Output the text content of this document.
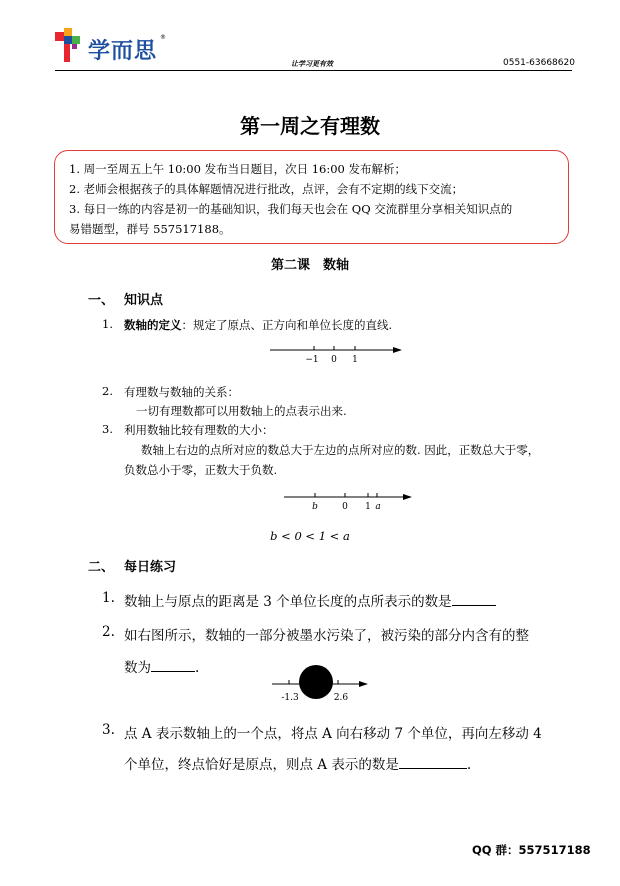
学而思
®
让学习更有效	0551-63668620
第一周之有理数
1. 周一至周五上午 10:00 发布当日题目，次日 16:00 发布解析；
2. 老师会根据孩子的具体解题情况进行批改，点评，会有不定期的线下交流；
3. 每日一练的内容是初一的基础知识，我们每天也会在 QQ 交流群里分享相关知识点的
易错题型，群号 557517188。
第二课　数轴
一、 知识点
1. 数轴的定义：规定了原点、正方向和单位长度的直线.
−1 0 1
2. 有理数与数轴的关系：
一切有理数都可以用数轴上的点表示出来.
3. 利用数轴比较有理数的大小：
数轴上右边的点所对应的数总大于左边的点所对应的数. 因此，正数总大于零，
负数总小于零，正数大于负数.
b	0 1 a
b < 0 < 1 < a
二、 每日练习
1. 数轴上与原点的距离是 3 个单位长度的点所表示的数是
2. 如右图所示，数轴的一部分被墨水污染了，被污染的部分内含有的整
数为	.
-1.3	2.6
3. 点 A 表示数轴上的一个点，将点 A 向右移动 7 个单位，再向左移动 4
个单位，终点恰好是原点，则点 A 表示的数是	.
QQ 群：557517188
